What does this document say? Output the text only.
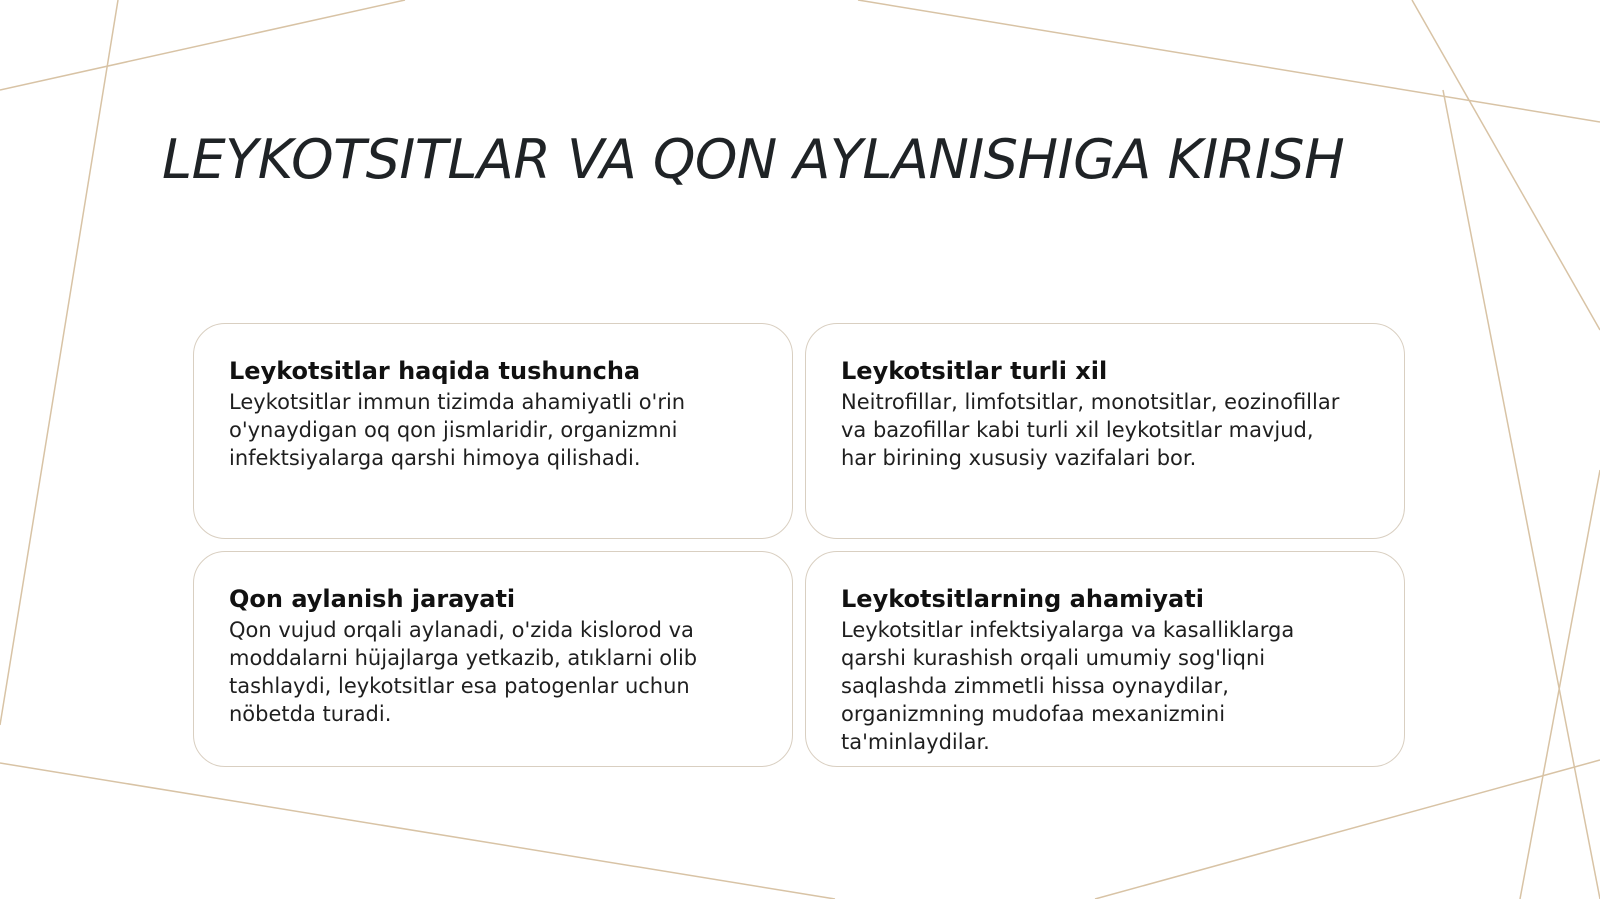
LEYKOTSITLAR VA QON AYLANISHIGA KIRISH
Leykotsitlar haqida tushuncha

Leykotsitlar immun tizimda ahamiyatli o'rin
o'ynaydigan oq qon jismlaridir, organizmni
infektsiyalarga qarshi himoya qilishadi.

Leykotsitlar turli xil

Neitrofillar, limfotsitlar, monotsitlar, eozinofillar
va bazofillar kabi turli xil leykotsitlar mavjud,
har birining xususiy vazifalari bor.

Qon aylanish jarayati

Qon vujud orqali aylanadi, o'zida kislorod va
moddalarni hüjajlarga yetkazib, atıklarni olib
tashlaydi, leykotsitlar esa patogenlar uchun
nöbetda turadi.

Leykotsitlarning ahamiyati

Leykotsitlar infektsiyalarga va kasalliklarga
qarshi kurashish orqali umumiy sog'liqni
saqlashda zimmetli hissa oynaydilar,
organizmning mudofaa mexanizmini
ta'minlaydilar.
